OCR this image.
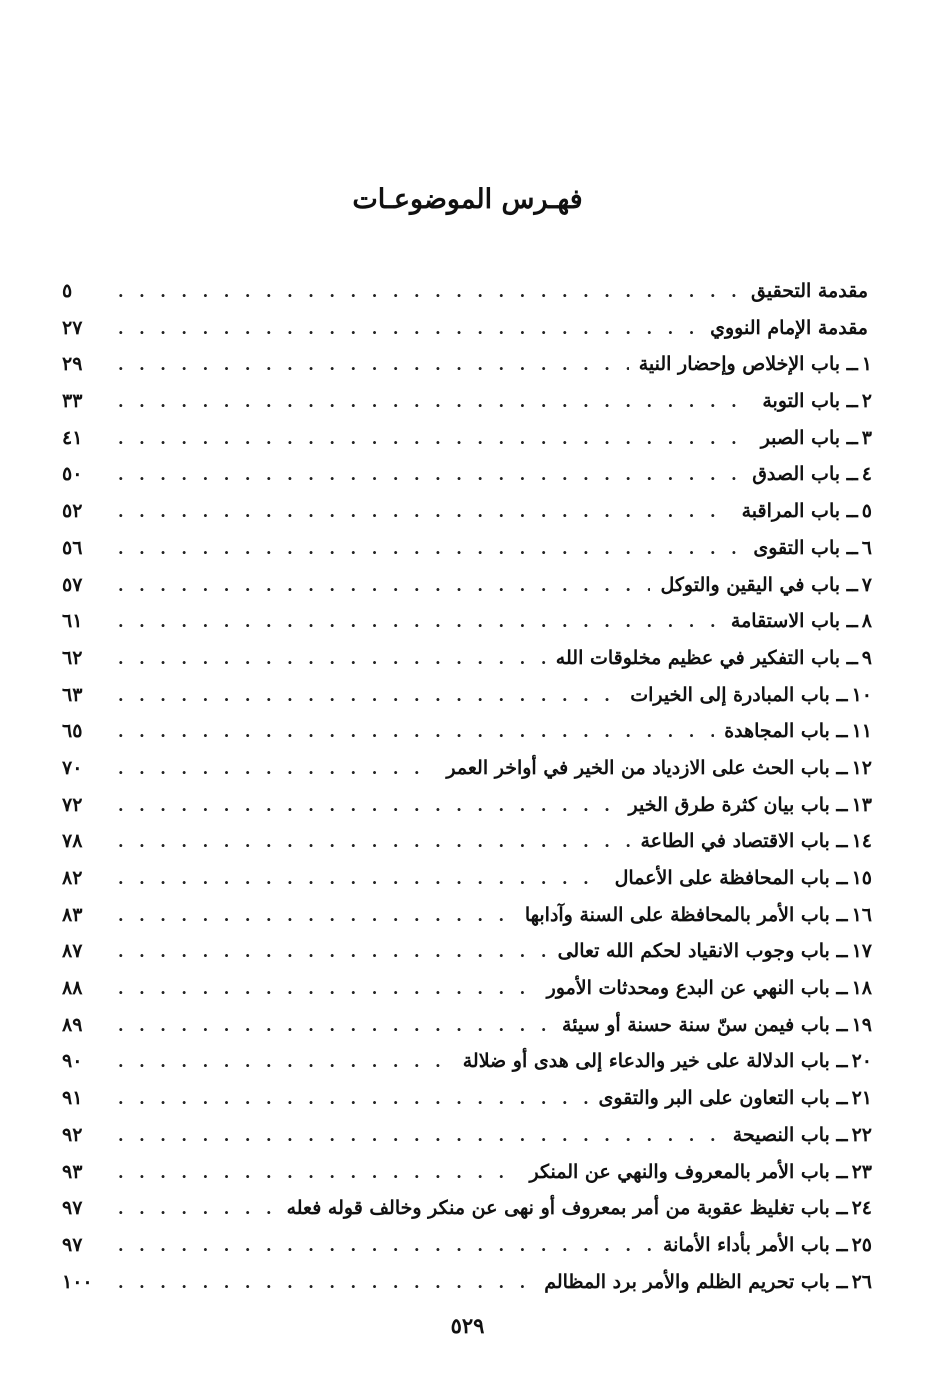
فهـرس الموضوعـات
مقدمة التحقيق
. . .
٥
مقدمة الإمام النووي
. . .
٢٧
١ــ باب الإخلاص وإحضار النية
. . .
٢٩
٢ــ باب التوبة
. . .
٣٣
٣ــ باب الصبر
. . .
٤١
٤ــ باب الصدق
. . .
٥٠
٥ــ باب المراقبة
. . .
٥٢
٦ــ باب التقوى
. . .
٥٦
٧ــ باب في اليقين والتوكل
. . .
٥٧
٨ــ باب الاستقامة
. . .
٦١
٩ــ باب التفكير في عظيم مخلوقات الله
. . .
٦٢
١٠ــ باب المبادرة إلى الخيرات
. . .
٦٣
١١ــ باب المجاهدة
. . .
٦٥
١٢ــ باب الحث على الازدياد من الخير في أواخر العمر
. . .
٧٠
١٣ــ باب بيان كثرة طرق الخير
. . .
٧٢
١٤ــ باب الاقتصاد في الطاعة
. . .
٧٨
١٥ــ باب المحافظة على الأعمال
. . .
٨٢
١٦ــ باب الأمر بالمحافظة على السنة وآدابها
. . .
٨٣
١٧ــ باب وجوب الانقياد لحكم الله تعالى
. . .
٨٧
١٨ــ باب النهي عن البدع ومحدثات الأمور
. . .
٨٨
١٩ــ باب فيمن سنّ سنة حسنة أو سيئة
. . .
٨٩
٢٠ــ باب الدلالة على خير والدعاء إلى هدى أو ضلالة
. . .
٩٠
٢١ــ باب التعاون على البر والتقوى
. . .
٩١
٢٢ــ باب النصيحة
. . .
٩٢
٢٣ــ باب الأمر بالمعروف والنهي عن المنكر
. . .
٩٣
٢٤ــ باب تغليظ عقوبة من أمر بمعروف أو نهى عن منكر وخالف قوله فعله
. . .
٩٧
٢٥ــ باب الأمر بأداء الأمانة
. . .
٩٧
٢٦ــ باب تحريم الظلم والأمر برد المظالم
. . .
١٠٠
٥٢٩
